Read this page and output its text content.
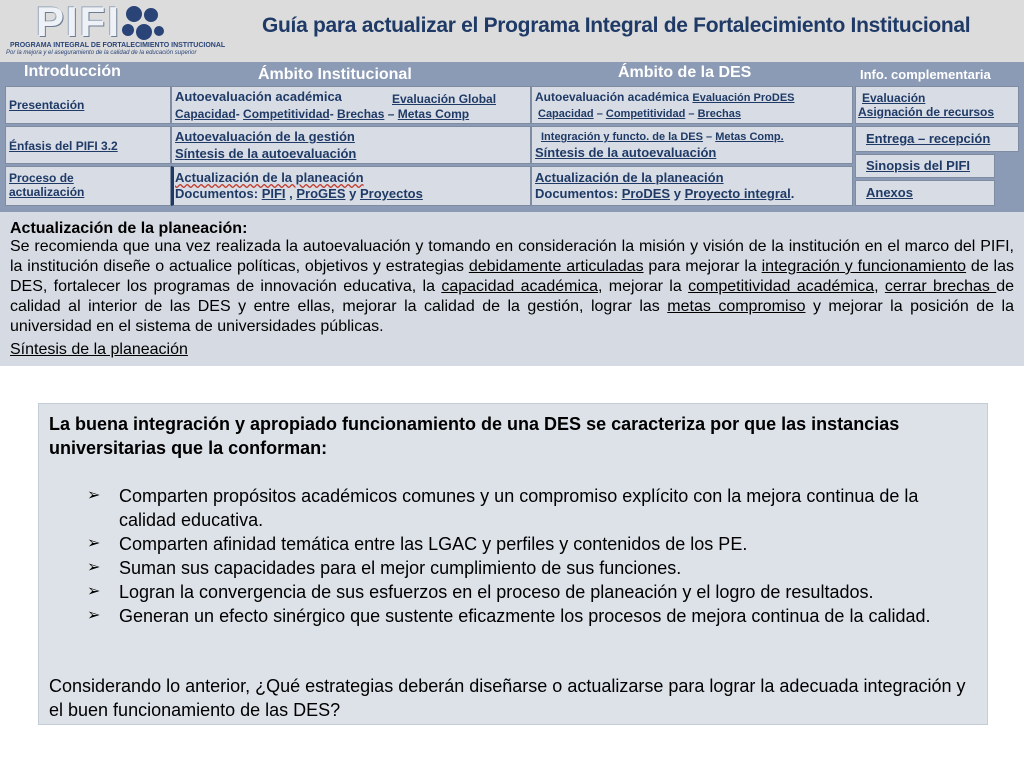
PIFI
PROGRAMA INTEGRAL DE FORTALECIMIENTO INSTITUCIONAL
Por la mejora y el aseguramiento de la calidad de la educación superior
Guía para actualizar el Programa Integral de Fortalecimiento Institucional
Introducción	Ámbito Institucional	Ámbito de la DES	Info. complementaria
Presentación
Énfasis del PIFI 3.2
Proceso de actualización
Autoevaluación académica	Evaluación Global
Capacidad- Competitividad- Brechas – Metas Comp
Autoevaluación de la gestión
Síntesis de la autoevaluación
Actualización de la planeación
Documentos: PIFI , ProGES y Proyectos
Autoevaluación académica Evaluación ProDES
Capacidad – Competitividad – Brechas
Integración y functo. de la DES – Metas Comp.
Síntesis de la autoevaluación
Actualización de la planeación
Documentos: ProDES y Proyecto integral.
Evaluación
Asignación de recursos
Entrega – recepción
Sinopsis del PIFI
Anexos
Actualización de la planeación:
Se recomienda que una vez realizada la autoevaluación y tomando en consideración la misión y visión de la institución en el marco del PIFI, la institución diseñe o actualice políticas, objetivos y estrategias debidamente articuladas para mejorar la integración y funcionamiento de las DES, fortalecer los programas de innovación educativa, la capacidad académica, mejorar la competitividad académica, cerrar brechas de calidad al interior de las DES y entre ellas, mejorar la calidad de la gestión, lograr las metas compromiso y mejorar la posición de la universidad en el sistema de universidades públicas.
Síntesis de la planeación
La buena integración y apropiado funcionamiento de una DES se caracteriza por que las instancias universitarias que la conforman:
➢ Comparten propósitos académicos comunes y un compromiso explícito con la mejora continua de la calidad educativa.
➢ Comparten afinidad temática entre las LGAC y perfiles y contenidos de los PE.
➢ Suman sus capacidades para el mejor cumplimiento de sus funciones.
➢ Logran la convergencia de sus esfuerzos en el proceso de planeación y el logro de resultados.
➢ Generan un efecto sinérgico que sustente eficazmente los procesos de mejora continua de la calidad.
Considerando lo anterior, ¿Qué estrategias deberán diseñarse o actualizarse para lograr la adecuada integración y el buen funcionamiento de las DES?
